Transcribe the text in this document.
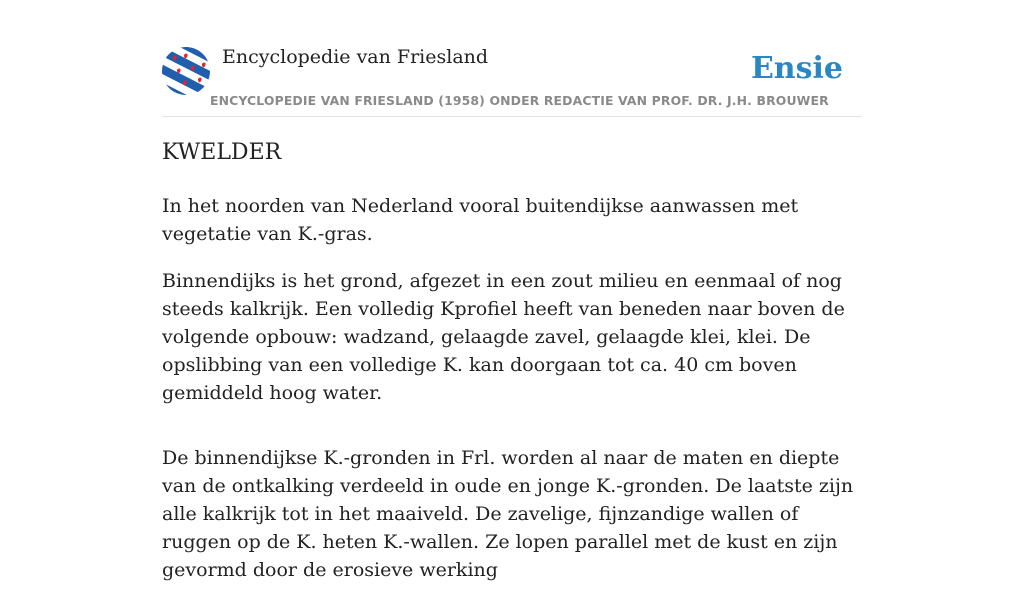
Encyclopedie van Friesland
ENCYCLOPEDIE VAN FRIESLAND (1958) ONDER REDACTIE VAN PROF. DR. J.H. BROUWER
Ensie
KWELDER

In het noorden van Nederland vooral buitendijkse aanwassen met vegetatie van K.-gras.

Binnendijks is het grond, afgezet in een zout milieu en eenmaal of nog steeds kalkrijk. Een volledig Kprofiel heeft van beneden naar boven de volgende opbouw: wadzand, gelaagde zavel, gelaagde klei, klei. De opslibbing van een volledige K. kan doorgaan tot ca. 40 cm boven gemiddeld hoog water.

De binnendijkse K.-gronden in Frl. worden al naar de maten en diepte van de ontkalking verdeeld in oude en jonge K.-gronden. De laatste zijn alle kalkrijk tot in het maaiveld. De zavelige, fijnzandige wallen of ruggen op de K. heten K.-wallen. Ze lopen parallel met de kust en zijn gevormd door de erosieve werking
